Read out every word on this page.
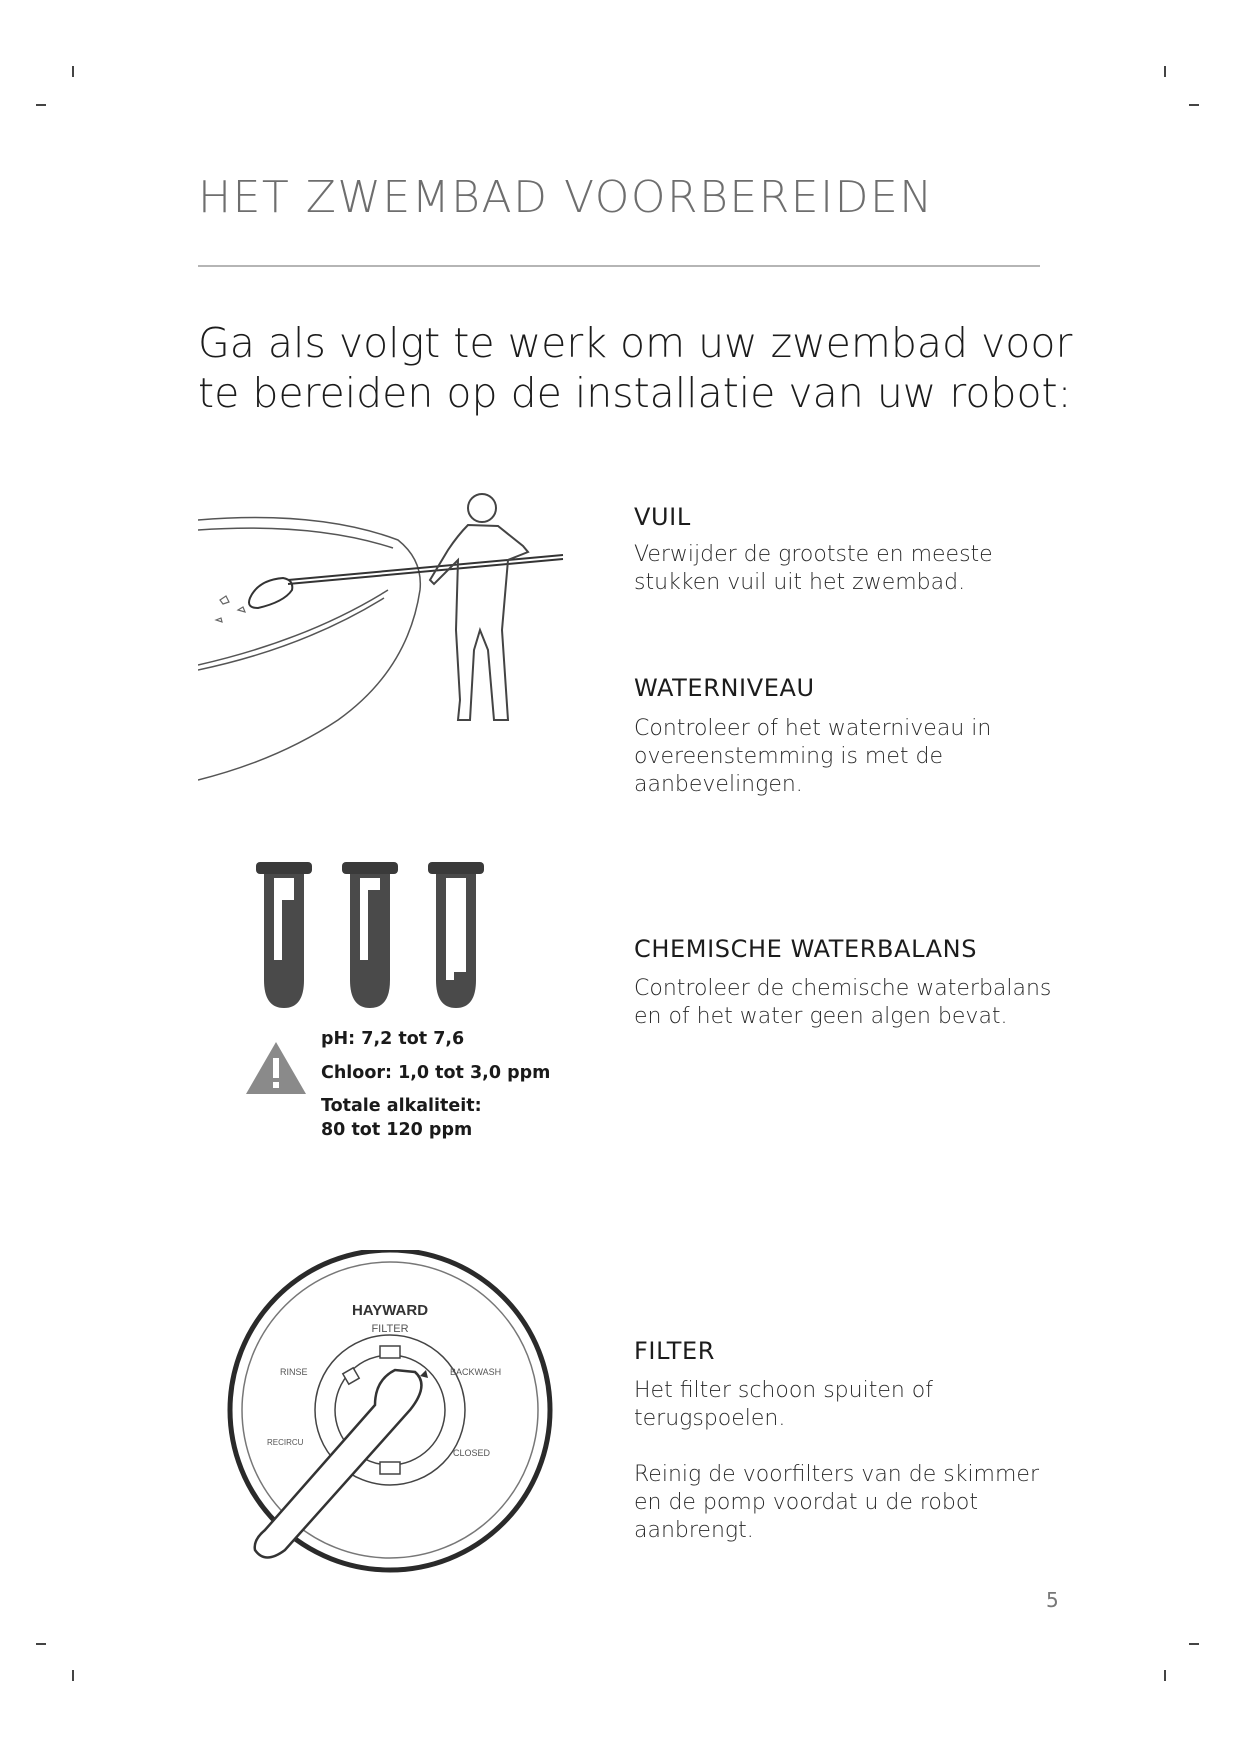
HET ZWEMBAD VOORBEREIDEN
Ga als volgt te werk om uw zwembad voor te bereiden op de installatie van uw robot:
pH: 7,2 tot 7,6
Chloor: 1,0 tot 3,0 ppm
Totale alkaliteit:
80 tot 120 ppm
HAYWARD
FILTER
RINSE	BACKWASH
RECIRCU
CLOSED
VUIL
Verwijder de grootste en meeste stukken vuil uit het zwembad.
WATERNIVEAU
Controleer of het waterniveau in overeenstemming is met de aanbevelingen.
CHEMISCHE WATERBALANS
Controleer de chemische waterbalans en of het water geen algen bevat.
FILTER
Het filter schoon spuiten of terugspoelen.
Reinig de voorfilters van de skimmer en de pomp voordat u de robot aanbrengt.
5
